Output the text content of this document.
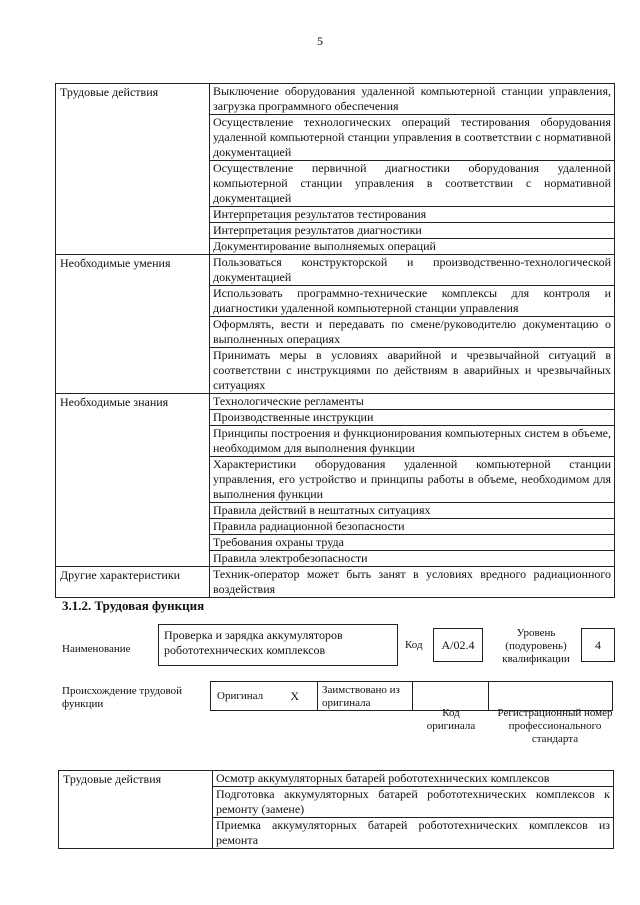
5
Трудовые действия	Выключение оборудования удаленной компьютерной станции управления, загрузка программного обеспечения
	Осуществление технологических операций тестирования оборудования удаленной компьютерной станции управления в соответствии с нормативной документацией
	Осуществление первичной диагностики оборудования удаленной компьютерной станции управления в соответствии с нормативной документацией
	Интерпретация результатов тестирования
	Интерпретация результатов диагностики
	Документирование выполняемых операций
Необходимые умения	Пользоваться конструкторской и производственно-технологической документацией
	Использовать программно-технические комплексы для контроля и диагностики удаленной компьютерной станции управления
	Оформлять, вести и передавать по смене/руководителю документацию о выполненных операциях
	Принимать меры в условиях аварийной и чрезвычайной ситуаций в соответствии с инструкциями по действиям в аварийных и чрезвычайных ситуациях
Необходимые знания	Технологические регламенты
	Производственные инструкции
	Принципы построения и функционирования компьютерных систем в объеме, необходимом для выполнения функции
	Характеристики оборудования удаленной компьютерной станции управления, его устройство и принципы работы в объеме, необходимом для выполнения функции
	Правила действий в нештатных ситуациях
	Правила радиационной безопасности
	Требования охраны труда
	Правила электробезопасности
Другие характеристики	Техник-оператор может быть занят в условиях вредного радиационного воздействия
3.1.2. Трудовая функция
Наименование
Проверка и зарядка аккумуляторов робототехнических комплексов	Код	А/02.4
Уровень (подуровень) квалификации
4
Происхождение трудовой функции
Оригинал X	Заимствовано из оригинала
Код оригинала
Регистрационный номер профессионального стандарта
Трудовые действия	Осмотр аккумуляторных батарей робототехнических комплексов
Подготовка аккумуляторных батарей робототехнических комплексов к ремонту (замене)
Приемка аккумуляторных батарей робототехнических комплексов из ремонта
